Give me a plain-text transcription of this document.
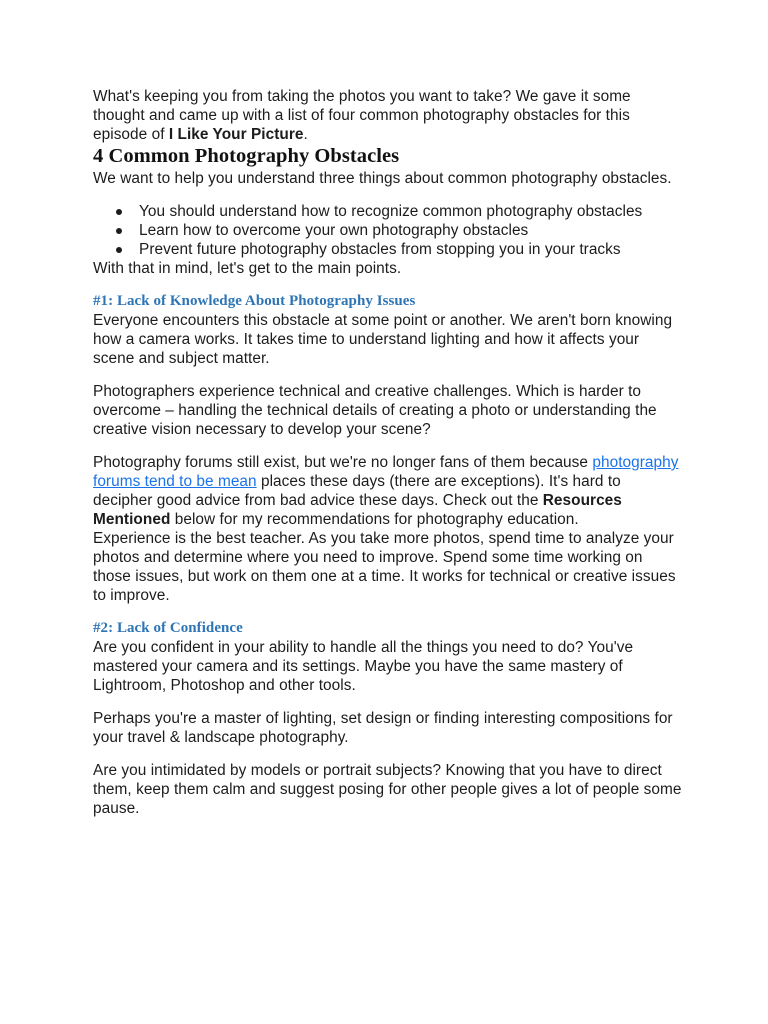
What's keeping you from taking the photos you want to take? We gave it some thought and came up with a list of four common photography obstacles for this episode of I Like Your Picture.

4 Common Photography Obstacles

We want to help you understand three things about common photography obstacles.

You should understand how to recognize common photography obstacles
Learn how to overcome your own photography obstacles
Prevent future photography obstacles from stopping you in your tracks

With that in mind, let's get to the main points.

#1: Lack of Knowledge About Photography Issues

Everyone encounters this obstacle at some point or another. We aren't born knowing how a camera works. It takes time to understand lighting and how it affects your scene and subject matter.

Photographers experience technical and creative challenges. Which is harder to overcome – handling the technical details of creating a photo or understanding the creative vision necessary to develop your scene?

Photography forums still exist, but we're no longer fans of them because photography forums tend to be mean places these days (there are exceptions). It's hard to decipher good advice from bad advice these days. Check out the Resources Mentioned below for my recommendations for photography education.

Experience is the best teacher. As you take more photos, spend time to analyze your photos and determine where you need to improve. Spend some time working on those issues, but work on them one at a time. It works for technical or creative issues to improve.

#2: Lack of Confidence

Are you confident in your ability to handle all the things you need to do? You've mastered your camera and its settings. Maybe you have the same mastery of Lightroom, Photoshop and other tools.

Perhaps you're a master of lighting, set design or finding interesting compositions for your travel & landscape photography.

Are you intimidated by models or portrait subjects? Knowing that you have to direct them, keep them calm and suggest posing for other people gives a lot of people some pause.
